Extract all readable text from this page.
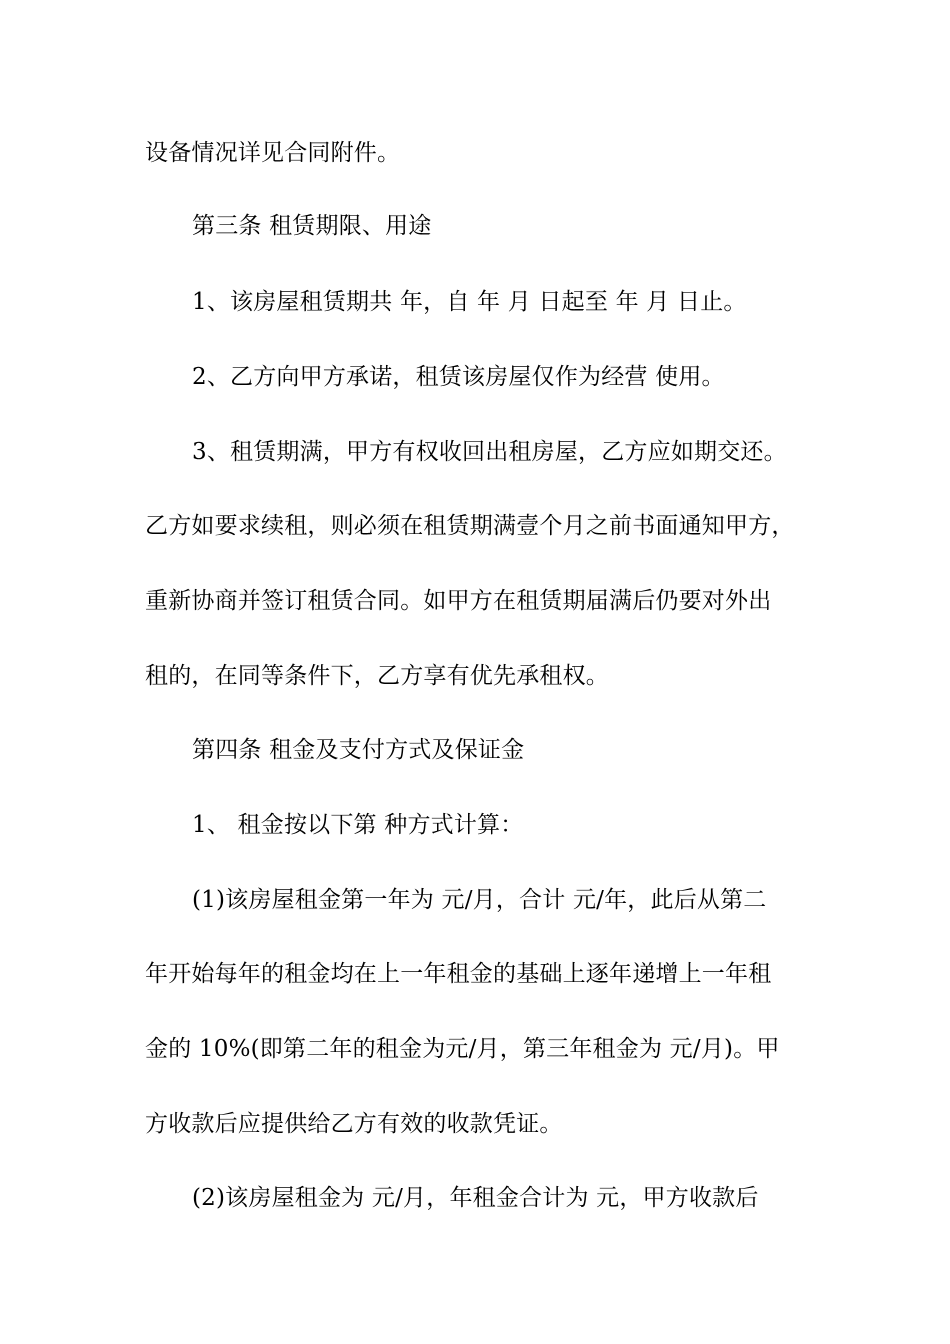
设备情况详见合同附件。
第三条 租赁期限、用途
1、该房屋租赁期共 年，自 年 月 日起至 年 月 日止。
2、乙方向甲方承诺，租赁该房屋仅作为经营 使用。
3、租赁期满，甲方有权收回出租房屋，乙方应如期交还。
乙方如要求续租，则必须在租赁期满壹个月之前书面通知甲方，
重新协商并签订租赁合同。如甲方在租赁期届满后仍要对外出
租的，在同等条件下，乙方享有优先承租权。
第四条 租金及支付方式及保证金
1、 租金按以下第 种方式计算：
(1)该房屋租金第一年为 元/月，合计 元/年，此后从第二
年开始每年的租金均在上一年租金的基础上逐年递增上一年租
金的 10%(即第二年的租金为元/月，第三年租金为 元/月)。甲
方收款后应提供给乙方有效的收款凭证。
(2)该房屋租金为 元/月，年租金合计为 元，甲方收款后
